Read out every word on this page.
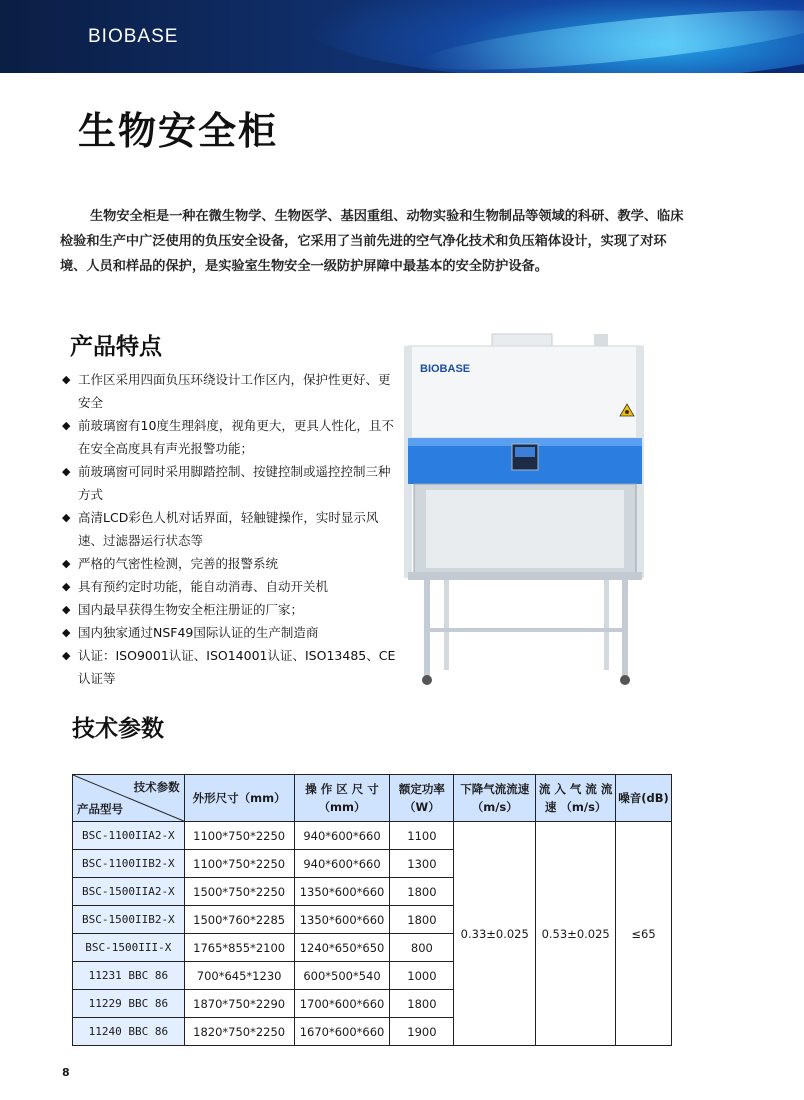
BIOBASE
生物安全柜

生物安全柜是一种在微生物学、生物医学、基因重组、动物实验和生物制品等领域的科研、教学、临床检验和生产中广泛使用的负压安全设备，它采用了当前先进的空气净化技术和负压箱体设计，实现了对环境、人员和样品的保护，是实验室生物安全一级防护屏障中最基本的安全防护设备。

产品特点
◆ 工作区采用四面负压环绕设计工作区内，保护性更好、更安全
◆ 前玻璃窗有10度生理斜度，视角更大，更具人性化，且不在安全高度具有声光报警功能；
◆ 前玻璃窗可同时采用脚踏控制、按键控制或遥控控制三种方式
◆ 高清LCD彩色人机对话界面，轻触键操作，实时显示风速、过滤器运行状态等
◆ 严格的气密性检测，完善的报警系统
◆ 具有预约定时功能，能自动消毒、自动开关机
◆ 国内最早获得生物安全柜注册证的厂家；
◆ 国内独家通过NSF49国际认证的生产制造商
◆ 认证：ISO9001认证、ISO14001认证、ISO13485、CE认证等
BIOBASE
技术参数
技术参数
产品型号	外形尺寸（mm）	操 作 区 尺 寸（mm）	额定功率（W）	下降气流流速（m/s）	流 入 气 流 流 速 （m/s）	噪音(dB)
BSC-1100IIA2-X	1100*750*2250	940*600*660	1100	0.33±0.025	0.53±0.025	≤65
BSC-1100IIB2-X	1100*750*2250	940*600*660	1300			
BSC-1500IIA2-X	1500*750*2250	1350*600*660	1800			
BSC-1500IIB2-X	1500*760*2285	1350*600*660	1800			
BSC-1500III-X	1765*855*2100	1240*650*650	800			
11231 BBC 86	700*645*1230	600*500*540	1000			
11229 BBC 86	1870*750*2290	1700*600*660	1800			
11240 BBC 86	1820*750*2250	1670*600*660	1900			
8
